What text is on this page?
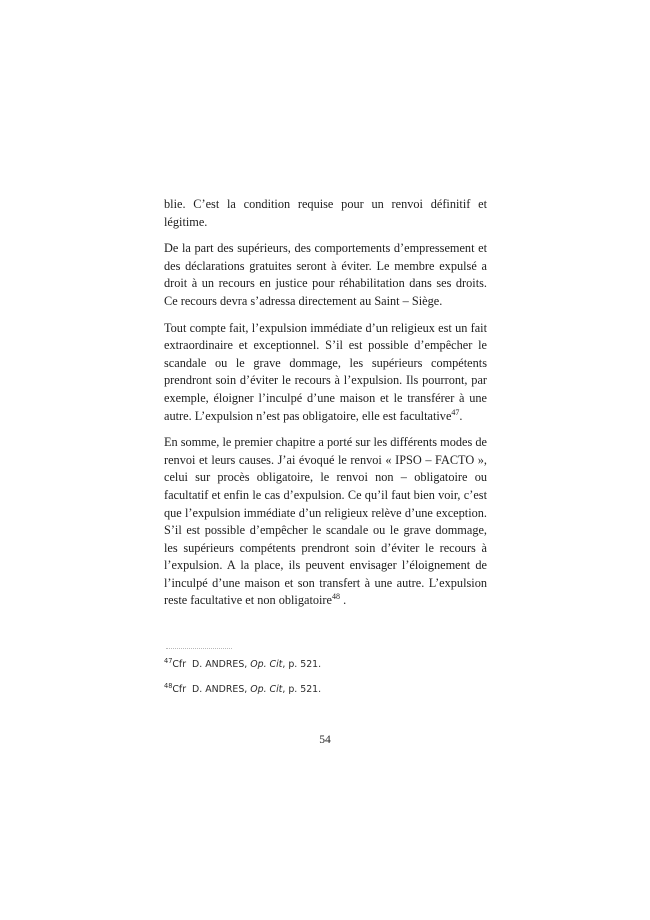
blie. C’est la condition requise pour un renvoi définitif et légitime.

De la part des supérieurs, des comportements d’empressement et des déclarations gratuites seront à éviter. Le membre expulsé a droit à un recours en justice pour réhabilitation dans ses droits. Ce recours devra s’adressa directement au Saint – Siège.

Tout compte fait, l’expulsion immédiate d’un religieux est un fait extraordinaire et exceptionnel. S’il est possible d’empêcher le scandale ou le grave dommage, les supérieurs compétents prendront soin d’éviter le recours à l’expulsion. Ils pourront, par exemple, éloigner l’inculpé d’une maison et le transférer à une autre. L’expulsion n’est pas obligatoire, elle est facultative$^{47}$.

En somme, le premier chapitre a porté sur les différents modes de renvoi et leurs causes. J’ai évoqué le renvoi « IPSO – FACTO », celui sur procès obligatoire, le renvoi non – obligatoire ou facultatif et enfin le cas d’expulsion. Ce qu’il faut bien voir, c’est que l’expulsion immédiate d’un religieux relève d’une exception. S’il est possible d’empêcher le scandale ou le grave dommage, les supérieurs compétents prendront soin d’éviter le recours à l’expulsion. A la place, ils peuvent envisager l’éloignement de l’inculpé d’une maison et son transfert à une autre. L’expulsion reste facultative et non obligatoire$^{48}$ .

$^{47}$Cfr  D. ANDRES, Op. Cit, p. 521.

$^{48}$Cfr  D. ANDRES, Op. Cit, p. 521.

54
